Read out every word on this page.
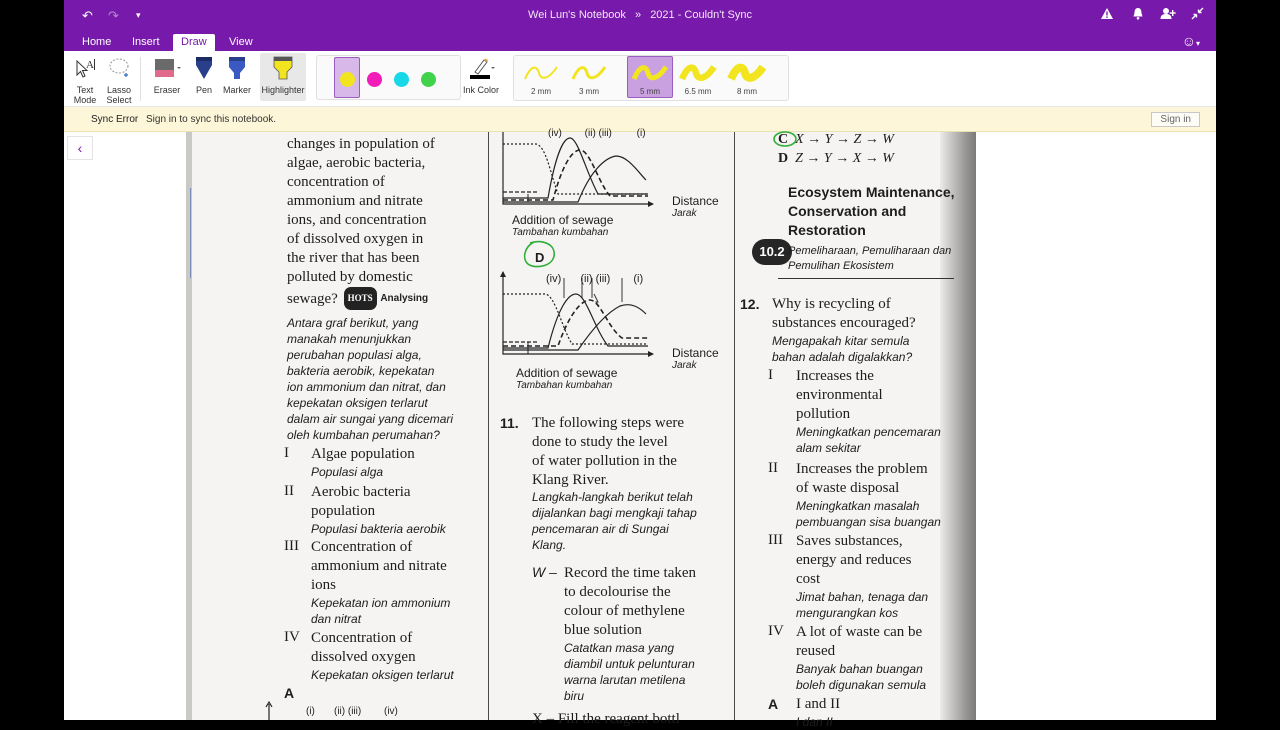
↶ ↷ ▾	Wei Lun's Notebook » 2021 - Couldn't Sync
Home	Insert	Draw	View	☺▾
A
Text
Mode
Lasso
Select
Eraser	Pen	Marker Highlighter	Ink Color	2 mm	3 mm	5 mm	6.5 mm	8 mm
Sync Error Sign in to sync this notebook.	Sign in
‹	changes in population of
algae, aerobic bacteria,
concentration of
ammonium and nitrate
ions, and concentration
of dissolved oxygen in
the river that has been
polluted by domestic
sewage? HOTS Analysing
Antara graf berikut, yang
manakah menunjukkan
perubahan populasi alga,
bakteria aerobik, kepekatan
ion ammonium dan nitrat, dan
kepekatan oksigen terlarut
dalam air sungai yang dicemari
oleh kumbahan perumahan?
I Algae population
Populasi alga
II Aerobic bacteria
population
Populasi bakteria aerobik
III Concentration of
ammonium and nitrate
ions
Kepekatan ion ammonium
dan nitrat
IV Concentration of
dissolved oxygen
Kepekatan oksigen terlarut
A
(i) (ii) (iii) (iv)
(iv) (ii) (iii) (i)
Distance
Jarak
Addition of sewage
Tambahan kumbahan
D
(iv) (ii) (iii) (i)
Distance
Jarak
Addition of sewage
Tambahan kumbahan
11. The following steps were
done to study the level
of water pollution in the
Klang River.
Langkah-langkah berikut telah
dijalankan bagi mengkaji tahap
pencemaran air di Sungai
Klang.
W – Record the time taken
to decolourise the
colour of methylene
blue solution
Catatkan masa yang
diambil untuk pelunturan
warna larutan metilena
biru
X – Fill the reagent bottl
C X → Y → Z → W
D Z → Y → X → W
Ecosystem Maintenance,
Conservation and
Restoration
10.2 Pemeliharaan, Pemuliharaan dan
Pemulihan Ekosistem
12. Why is recycling of
substances encouraged?
Mengapakah kitar semula
bahan adalah digalakkan?
I Increases the
environmental
pollution
Meningkatkan pencemaran
alam sekitar
II Increases the problem
of waste disposal
Meningkatkan masalah
pembuangan sisa buangan
III Saves substances,
energy and reduces
cost
Jimat bahan, tenaga dan
mengurangkan kos
IV A lot of waste can be
reused
Banyak bahan buangan
boleh digunakan semula
A I and II
I dan II
